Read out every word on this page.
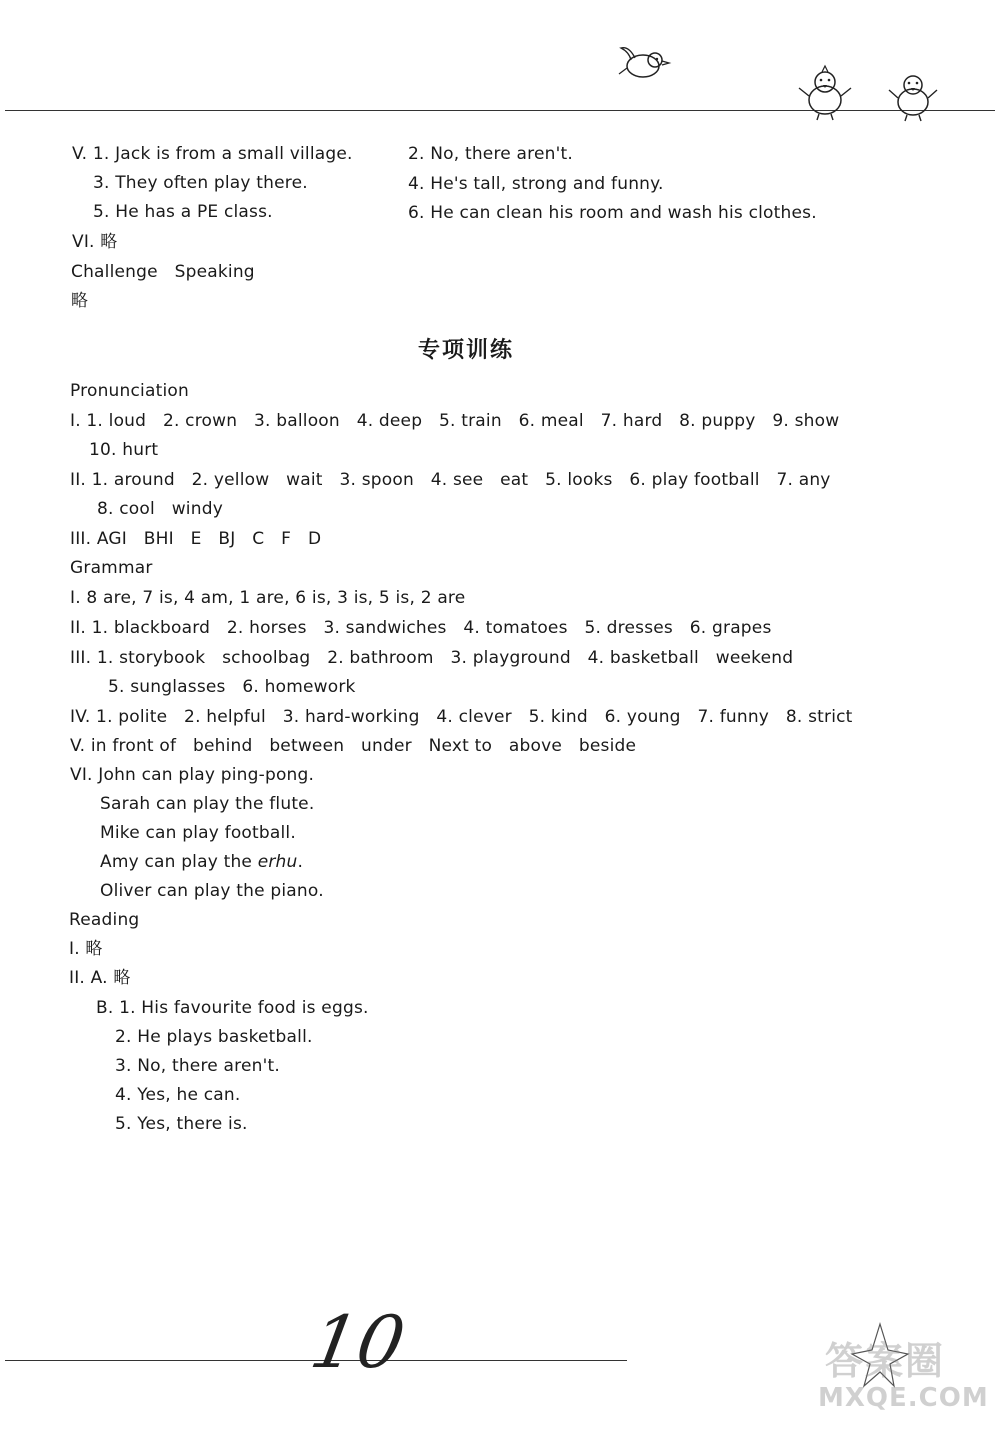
V. 1. Jack is from a small village.	2. No, there aren't.
3. They often play there.	4. He's tall, strong and funny.
5. He has a PE class.	6. He can clean his room and wash his clothes.
VI. 略
Challenge   Speaking
略
专项训练
Pronunciation
I. 1. loud   2. crown   3. balloon   4. deep   5. train   6. meal   7. hard   8. puppy   9. show
10. hurt
II. 1. around   2. yellow   wait   3. spoon   4. see   eat   5. looks   6. play football   7. any
8. cool   windy
III. AGI   BHI   E   BJ   C   F   D
Grammar
I. 8 are, 7 is, 4 am, 1 are, 6 is, 3 is, 5 is, 2 are
II. 1. blackboard   2. horses   3. sandwiches   4. tomatoes   5. dresses   6. grapes
III. 1. storybook   schoolbag   2. bathroom   3. playground   4. basketball   weekend
5. sunglasses   6. homework
IV. 1. polite   2. helpful   3. hard-working   4. clever   5. kind   6. young   7. funny   8. strict
V. in front of   behind   between   under   Next to   above   beside
VI. John can play ping-pong.
Sarah can play the flute.
Mike can play football.
Amy can play the erhu.
Oliver can play the piano.
Reading
I. 略
II. A. 略
B. 1. His favourite food is eggs.
2. He plays basketball.
3. No, there aren't.
4. Yes, he can.
5. Yes, there is.
10	答案圈
MXQE.COM
